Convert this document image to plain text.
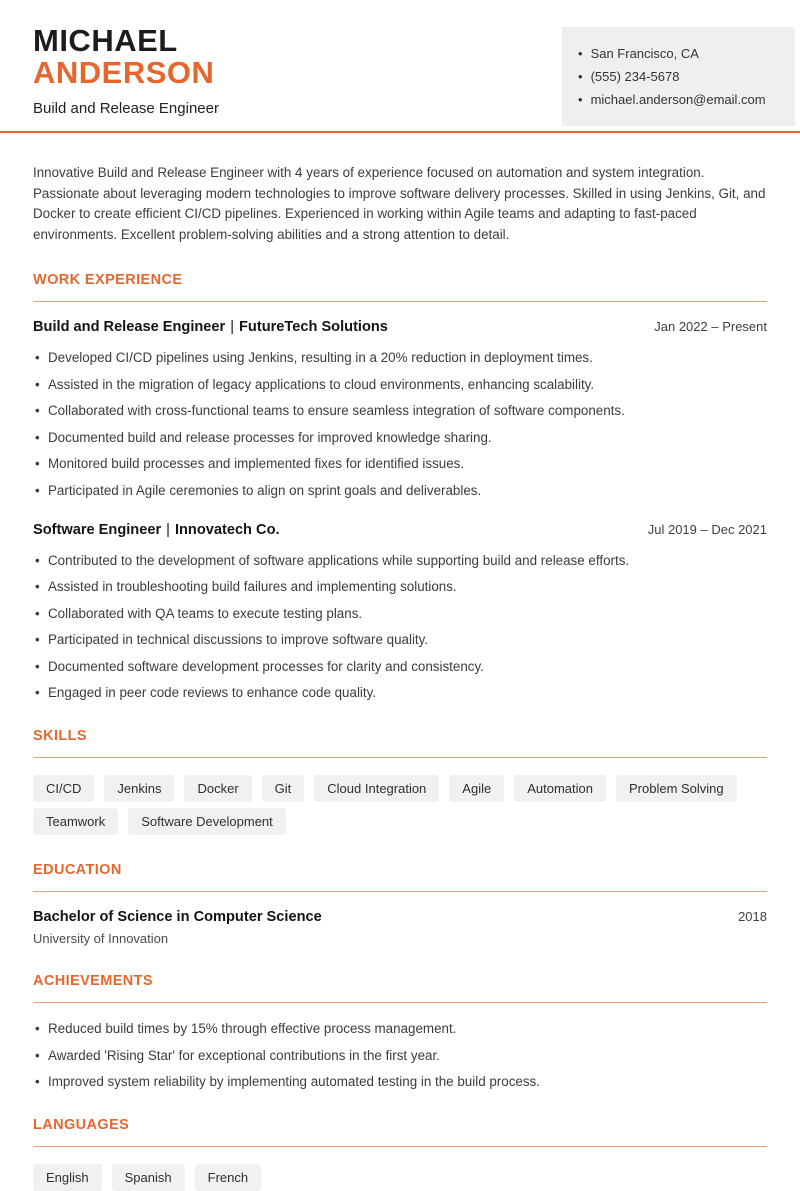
MICHAEL
ANDERSON
Build and Release Engineer
• San Francisco, CA
• (555) 234-5678
• michael.anderson@email.com

Innovative Build and Release Engineer with 4 years of experience focused on automation and system integration. Passionate about leveraging modern technologies to improve software delivery processes. Skilled in using Jenkins, Git, and Docker to create efficient CI/CD pipelines. Experienced in working within Agile teams and adapting to fast-paced environments. Excellent problem-solving abilities and a strong attention to detail.

WORK EXPERIENCE
Build and Release Engineer | FutureTech Solutions	Jan 2022 – Present
• Developed CI/CD pipelines using Jenkins, resulting in a 20% reduction in deployment times.
• Assisted in the migration of legacy applications to cloud environments, enhancing scalability.
• Collaborated with cross-functional teams to ensure seamless integration of software components.
• Documented build and release processes for improved knowledge sharing.
• Monitored build processes and implemented fixes for identified issues.
• Participated in Agile ceremonies to align on sprint goals and deliverables.
Software Engineer | Innovatech Co.	Jul 2019 – Dec 2021
• Contributed to the development of software applications while supporting build and release efforts.
• Assisted in troubleshooting build failures and implementing solutions.
• Collaborated with QA teams to execute testing plans.
• Participated in technical discussions to improve software quality.
• Documented software development processes for clarity and consistency.
• Engaged in peer code reviews to enhance code quality.
SKILLS
CI/CD	Jenkins	Docker	Git	Cloud Integration	Agile	Automation	Problem Solving
Teamwork	Software Development
EDUCATION
Bachelor of Science in Computer Science	2018
University of Innovation
ACHIEVEMENTS
• Reduced build times by 15% through effective process management.
• Awarded 'Rising Star' for exceptional contributions in the first year.
• Improved system reliability by implementing automated testing in the build process.
LANGUAGES
English	Spanish	French
